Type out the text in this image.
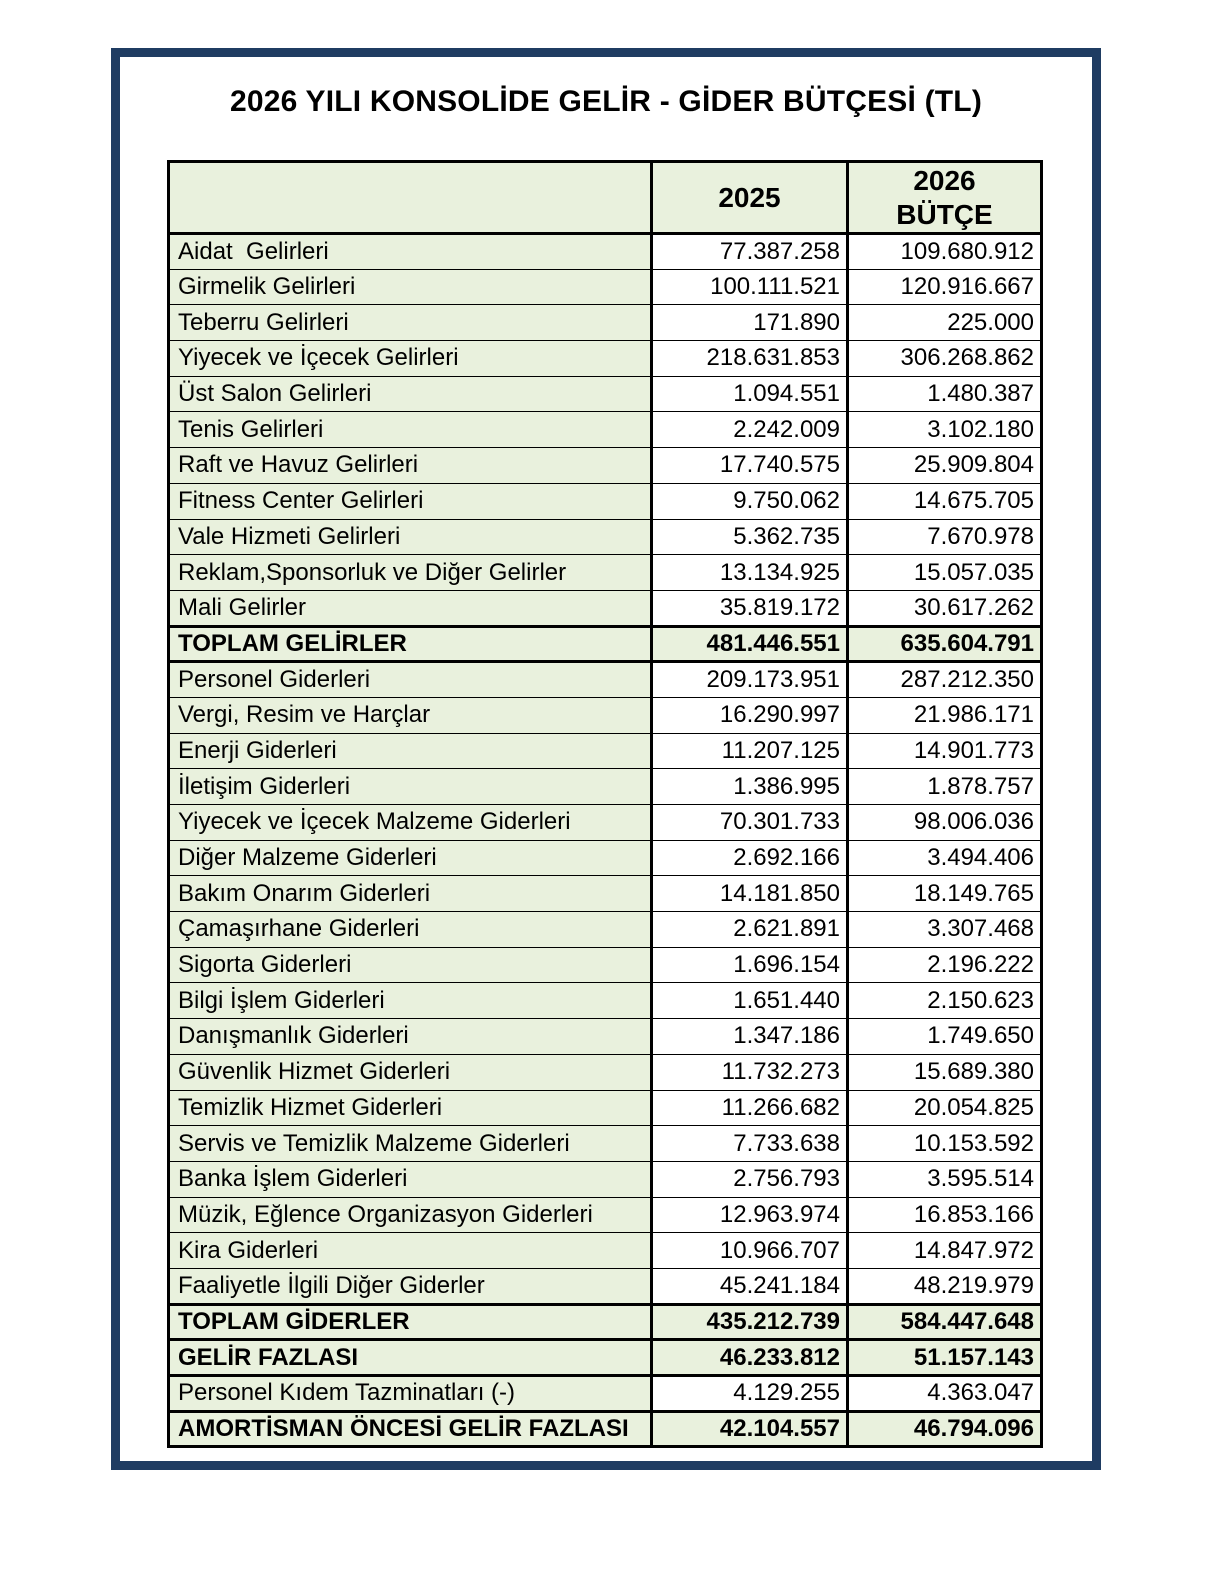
2026 YILI KONSOLİDE GELİR - GİDER BÜTÇESİ (TL)
	2025	2026
BÜTÇE

Aidat  Gelirleri	77.387.258	109.680.912
Girmelik Gelirleri	100.111.521	120.916.667
Teberru Gelirleri	171.890	225.000
Yiyecek ve İçecek Gelirleri	218.631.853	306.268.862
Üst Salon Gelirleri	1.094.551	1.480.387
Tenis Gelirleri	2.242.009	3.102.180
Raft ve Havuz Gelirleri	17.740.575	25.909.804
Fitness Center Gelirleri	9.750.062	14.675.705
Vale Hizmeti Gelirleri	5.362.735	7.670.978
Reklam,Sponsorluk ve Diğer Gelirler	13.134.925	15.057.035
Mali Gelirler	35.819.172	30.617.262
TOPLAM GELİRLER	481.446.551	635.604.791
Personel Giderleri	209.173.951	287.212.350
Vergi, Resim ve Harçlar	16.290.997	21.986.171
Enerji Giderleri	11.207.125	14.901.773
İletişim Giderleri	1.386.995	1.878.757
Yiyecek ve İçecek Malzeme Giderleri	70.301.733	98.006.036
Diğer Malzeme Giderleri	2.692.166	3.494.406
Bakım Onarım Giderleri	14.181.850	18.149.765
Çamaşırhane Giderleri	2.621.891	3.307.468
Sigorta Giderleri	1.696.154	2.196.222
Bilgi İşlem Giderleri	1.651.440	2.150.623
Danışmanlık Giderleri	1.347.186	1.749.650
Güvenlik Hizmet Giderleri	11.732.273	15.689.380
Temizlik Hizmet Giderleri	11.266.682	20.054.825
Servis ve Temizlik Malzeme Giderleri	7.733.638	10.153.592
Banka İşlem Giderleri	2.756.793	3.595.514
Müzik, Eğlence Organizasyon Giderleri	12.963.974	16.853.166
Kira Giderleri	10.966.707	14.847.972
Faaliyetle İlgili Diğer Giderler	45.241.184	48.219.979
TOPLAM GİDERLER	435.212.739	584.447.648
GELİR FAZLASI	46.233.812	51.157.143
Personel Kıdem Tazminatları (-)	4.129.255	4.363.047
AMORTİSMAN ÖNCESİ GELİR FAZLASI	42.104.557	46.794.096
